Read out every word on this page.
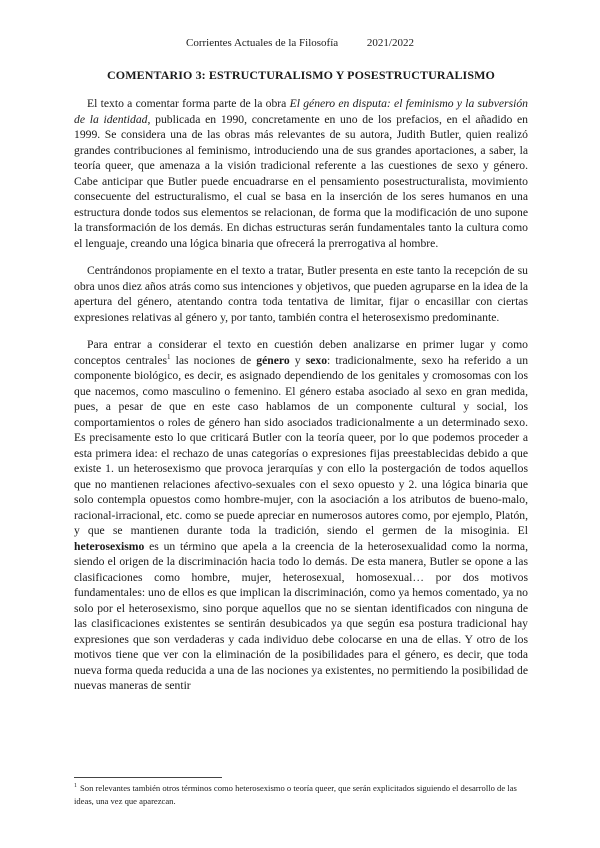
Corrientes Actuales de la Filosofía	2021/2022
COMENTARIO 3: ESTRUCTURALISMO Y POSESTRUCTURALISMO

El texto a comentar forma parte de la obra El género en disputa: el feminismo y la subversión de la identidad, publicada en 1990, concretamente en uno de los prefacios, en el añadido en 1999. Se considera una de las obras más relevantes de su autora, Judith Butler, quien realizó grandes contribuciones al feminismo, introduciendo una de sus grandes aportaciones, a saber, la teoría queer, que amenaza a la visión tradicional referente a las cuestiones de sexo y género. Cabe anticipar que Butler puede encuadrarse en el pensamiento posestructuralista, movimiento consecuente del estructuralismo, el cual se basa en la inserción de los seres humanos en una estructura donde todos sus elementos se relacionan, de forma que la modificación de uno supone la transformación de los demás. En dichas estructuras serán fundamentales tanto la cultura como el lenguaje, creando una lógica binaria que ofrecerá la prerrogativa al hombre.

Centrándonos propiamente en el texto a tratar, Butler presenta en este tanto la recepción de su obra unos diez años atrás como sus intenciones y objetivos, que pueden agruparse en la idea de la apertura del género, atentando contra toda tentativa de limitar, fijar o encasillar con ciertas expresiones relativas al género y, por tanto, también contra el heterosexismo predominante.

Para entrar a considerar el texto en cuestión deben analizarse en primer lugar y como conceptos centrales$^1$ las nociones de género y sexo: tradicionalmente, sexo ha referido a un componente biológico, es decir, es asignado dependiendo de los genitales y cromosomas con los que nacemos, como masculino o femenino. El género estaba asociado al sexo en gran medida, pues, a pesar de que en este caso hablamos de un componente cultural y social, los comportamientos o roles de género han sido asociados tradicionalmente a un determinado sexo. Es precisamente esto lo que criticará Butler con la teoría queer, por lo que podemos proceder a esta primera idea: el rechazo de unas categorías o expresiones fijas preestablecidas debido a que existe 1. un heterosexismo que provoca jerarquías y con ello la postergación de todos aquellos que no mantienen relaciones afectivo-sexuales con el sexo opuesto y 2. una lógica binaria que solo contempla opuestos como hombre-mujer, con la asociación a los atributos de bueno-malo, racional-irracional, etc. como se puede apreciar en numerosos autores como, por ejemplo, Platón, y que se mantienen durante toda la tradición, siendo el germen de la misoginia. El heterosexismo es un término que apela a la creencia de la heterosexualidad como la norma, siendo el origen de la discriminación hacia todo lo demás. De esta manera, Butler se opone a las clasificaciones como hombre, mujer, heterosexual, homosexual… por dos motivos fundamentales: uno de ellos es que implican la discriminación, como ya hemos comentado, ya no solo por el heterosexismo, sino porque aquellos que no se sientan identificados con ninguna de las clasificaciones existentes se sentirán desubicados ya que según esa postura tradicional hay expresiones que son verdaderas y cada individuo debe colocarse en una de ellas. Y otro de los motivos tiene que ver con la eliminación de la posibilidades para el género, es decir, que toda nueva forma queda reducida a una de las nociones ya existentes, no permitiendo la posibilidad de nuevas maneras de sentir

$^1$ Son relevantes también otros términos como heterosexismo o teoría queer, que serán explicitados siguiendo el desarrollo de las ideas, una vez que aparezcan.
